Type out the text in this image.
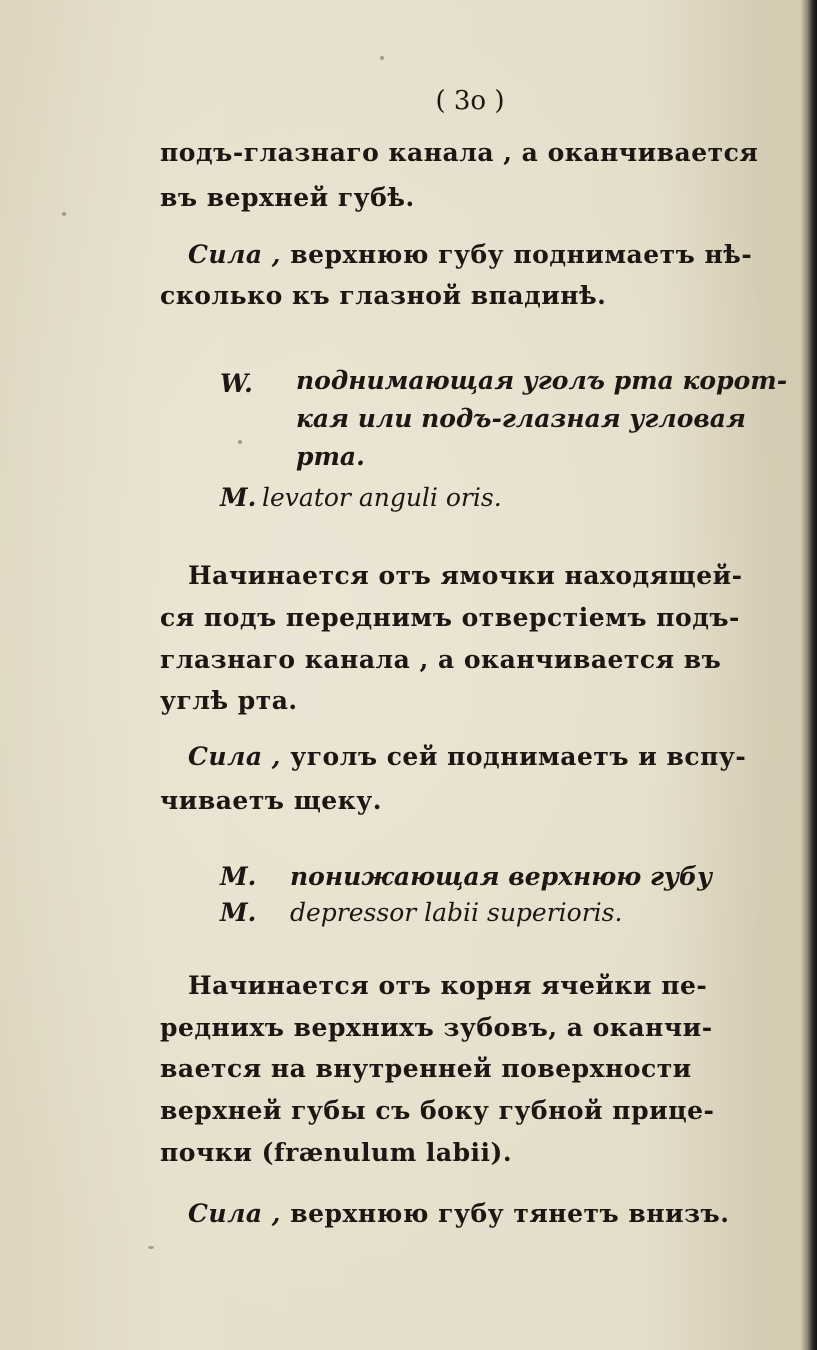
( 3o )

подъ-глазнаго канала , а оканчивается

въ верхней губѣ.

Сила , верхнюю губу поднимаетъ нѣ-

сколько къ глазной впадинѣ.

W. поднимающая уголъ рта корот-

кая или подъ-глазная угловая

рта.

M. levator anguli oris.

Начинается отъ ямочки находящей-

ся подъ переднимъ отверстіемъ подъ-

глазнаго канала , а оканчивается въ

углѣ рта.

Сила , уголъ сей поднимаетъ и вспу-

чиваетъ щеку.

M. понижающая верхнюю губу

M. depressor labii superioris.

Начинается отъ корня ячейки пе-

реднихъ верхнихъ зубовъ, а оканчи-

вается на внутренней поверхности

верхней губы съ боку губной прице-

почки (frænulum labii).

Сила , верхнюю губу тянетъ внизъ.
